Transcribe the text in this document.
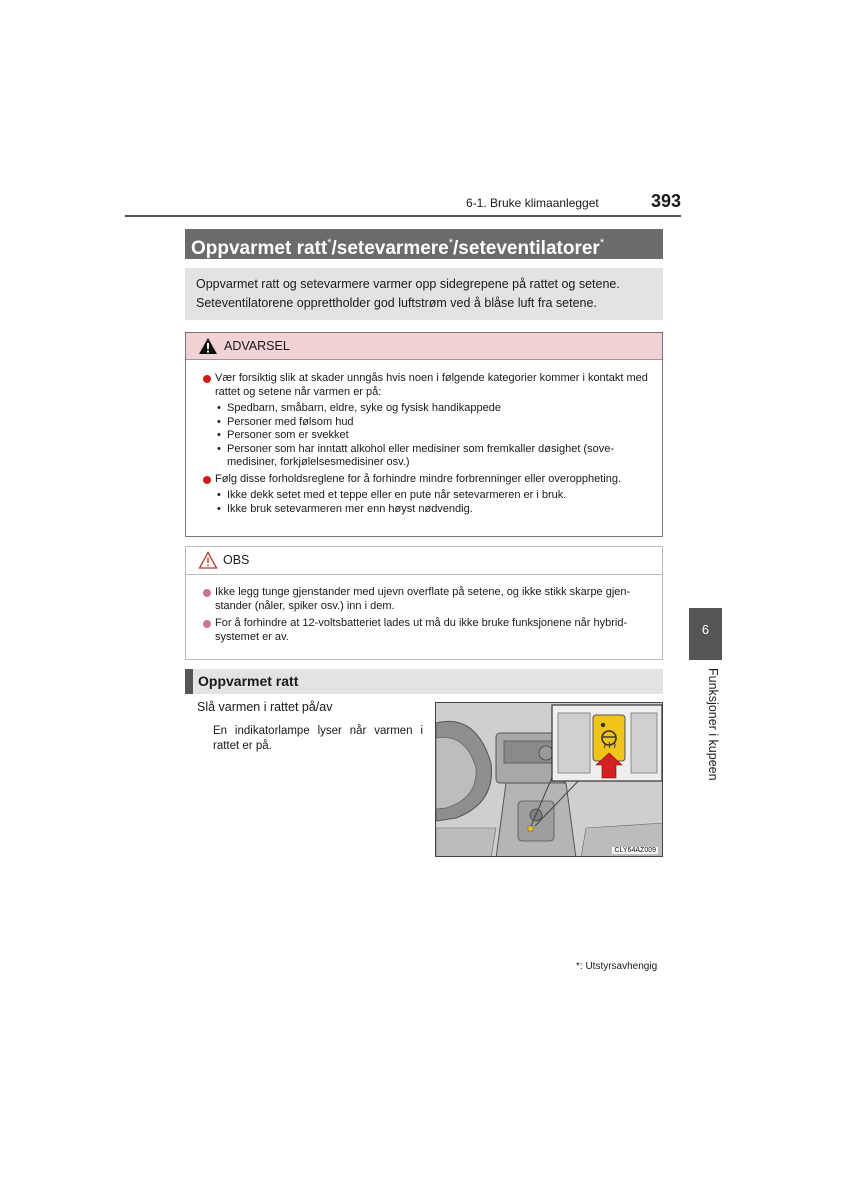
6-1. Bruke klimaanlegget	393
Oppvarmet ratt*/setevarmere*/seteventilatorer*
Oppvarmet ratt og setevarmere varmer opp sidegrepene på rattet og setene.
Seteventilatorene opprettholder god luftstrøm ved å blåse luft fra setene.
ADVARSEL
Vær forsiktig slik at skader unngås hvis noen i følgende kategorier kommer i kontakt med rattet og setene når varmen er på:
• Spedbarn, småbarn, eldre, syke og fysisk handikappede
• Personer med følsom hud
• Personer som er svekket
• Personer som har inntatt alkohol eller medisiner som fremkaller døsighet (sove-medisiner, forkjølelsesmedisiner osv.)
Følg disse forholdsreglene for å forhindre mindre forbrenninger eller overoppheting.
• Ikke dekk setet med et teppe eller en pute når setevarmeren er i bruk.
• Ikke bruk setevarmeren mer enn høyst nødvendig.
OBS
Ikke legg tunge gjenstander med ujevn overflate på setene, og ikke stikk skarpe gjen-stander (nåler, spiker osv.) inn i dem.
For å forhindre at 12-voltsbatteriet lades ut må du ikke bruke funksjonene når hybrid-systemet er av.
Oppvarmet ratt
Slå varmen i rattet på/av
En indikatorlampe lyser når varmen i rattet er på.
CLY64AZ009
6
Funksjoner i kupeen
*: Utstyrsavhengig
